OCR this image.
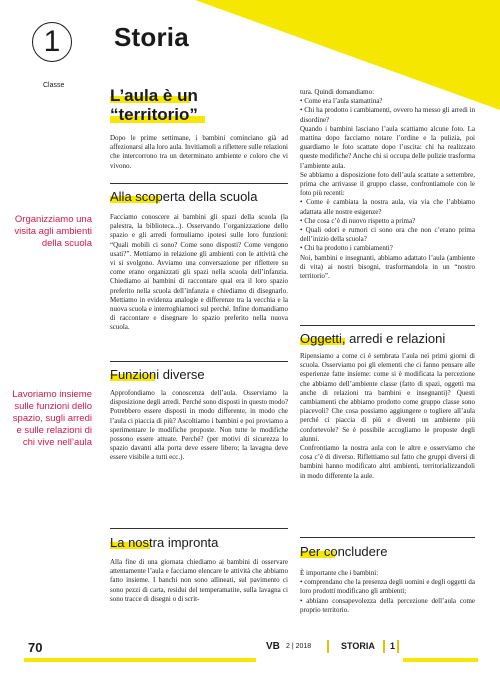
1
Classe
Storia
Organizziamo una visita agli ambienti della scuola
Lavoriamo insieme sulle funzioni dello spazio, sugli arredi e sulle relazioni di chi vive nell’aula
L’aula è un “territorio”
Dopo le prime settimane, i bambini cominciano già ad affezionarsi alla loro aula. Invitiamoli a riflettere sulle relazioni che intercorrono tra un determinato ambiente e coloro che vi vivono.
Alla scoperta della scuola
Facciamo conoscere ai bambini gli spazi della scuola (la palestra, la biblioteca...). Osservando l’organizzazione dello spazio e gli arredi formuliamo ipotesi sulle loro funzioni: “Quali mobili ci sono? Come sono disposti? Come vengono usati?”. Mettiamo in relazione gli ambienti con le attività che vi si svolgono. Avviamo una conversazione per riflettere su come erano organizzati gli spazi nella scuola dell’infanzia. Chiediamo ai bambini di raccontare qual era il loro spazio preferito nella scuola dell’infanzia e chiediamo di disegnarlo. Mettiamo in evidenza analogie e differenze tra la vecchia e la nuova scuola e interroghiamoci sul perché. Infine domandiamo di raccontare e disegnare lo spazio preferito nella nuova scuola.
Funzioni diverse
Approfondiamo la conoscenza dell’aula. Osserviamo la disposizione degli arredi. Perché sono disposti in questo modo? Potrebbero essere disposti in modo differente, in modo che l’aula ci piaccia di più? Ascoltiamo i bambini e poi proviamo a sperimentare le modifiche proposte. Non tutte le modifiche possono essere attuate. Perché? (per motivi di sicurezza lo spazio davanti alla porta deve essere libero; la lavagna deve essere visibile a tutti ecc.).
La nostra impronta
Alla fine di una giornata chiediamo ai bambini di osservare attentamente l’aula e facciamo elencare le attività che abbiamo fatto insieme. I banchi non sono allineati, sul pavimento ci sono pezzi di carta, residui del temperamatite, sulla lavagna ci sono tracce di disegni o di scrit-
tura. Quindi domandiamo:
• Come era l’aula stamattina?
• Chi ha prodotto i cambiamenti, ovvero ha messo gli arredi in disordine?
Quando i bambini lasciano l’aula scattiamo alcune foto. La mattina dopo facciamo notare l’ordine e la pulizia, poi guardiamo le foto scattate dopo l’uscita: chi ha realizzato queste modifiche? Anche chi si occupa delle pulizie trasforma l’ambiente aula.
Se abbiamo a disposizione foto dell’aula scattate a settembre, prima che arrivasse il gruppo classe, confrontiamole con le foto più recenti:
• Come è cambiata la nostra aula, via via che l’abbiamo adattata alle nostre esigenze?
• Che cosa c’è di nuovo rispetto a prima?
• Quali odori e rumori ci sono ora che non c’erano prima dell’inizio della scuola?
• Chi ha prodotto i cambiamenti?
Noi, bambini e insegnanti, abbiamo adattato l’aula (ambiente di vita) ai nostri bisogni, trasformandola in un “nostro territorio”.
Oggetti, arredi e relazioni
Ripensiamo a come ci è sembrata l’aula nei primi giorni di scuola. Osserviamo poi gli elementi che ci fanno pensare alle esperienze fatte insieme: come si è modificata la percezione che abbiamo dell’ambiente classe (fatto di spazi, oggetti ma anche di relazioni tra bambini e insegnanti)? Questi cambiamenti che abbiamo prodotto come gruppo classe sono piacevoli? Che cosa possiamo aggiungere o togliere all’aula perché ci piaccia di più e diventi un ambiente più confortevole? Se è possibile accogliamo le proposte degli alunni.
Confrontiamo la nostra aula con le altre e osserviamo che cosa c’è di diverso. Riflettiamo sul fatto che gruppi diversi di bambini hanno modificato altri ambienti, territorializzandoli in modo differente la aule.
Per concludere
È importante che i bambini:
• comprendano che la presenza degli uomini e degli oggetti da loro prodotti modificano gli ambienti;
• abbiano consapevolezza della percezione dell’aula come proprio territorio.
70	VB 2 | 2018	STORIA 1
